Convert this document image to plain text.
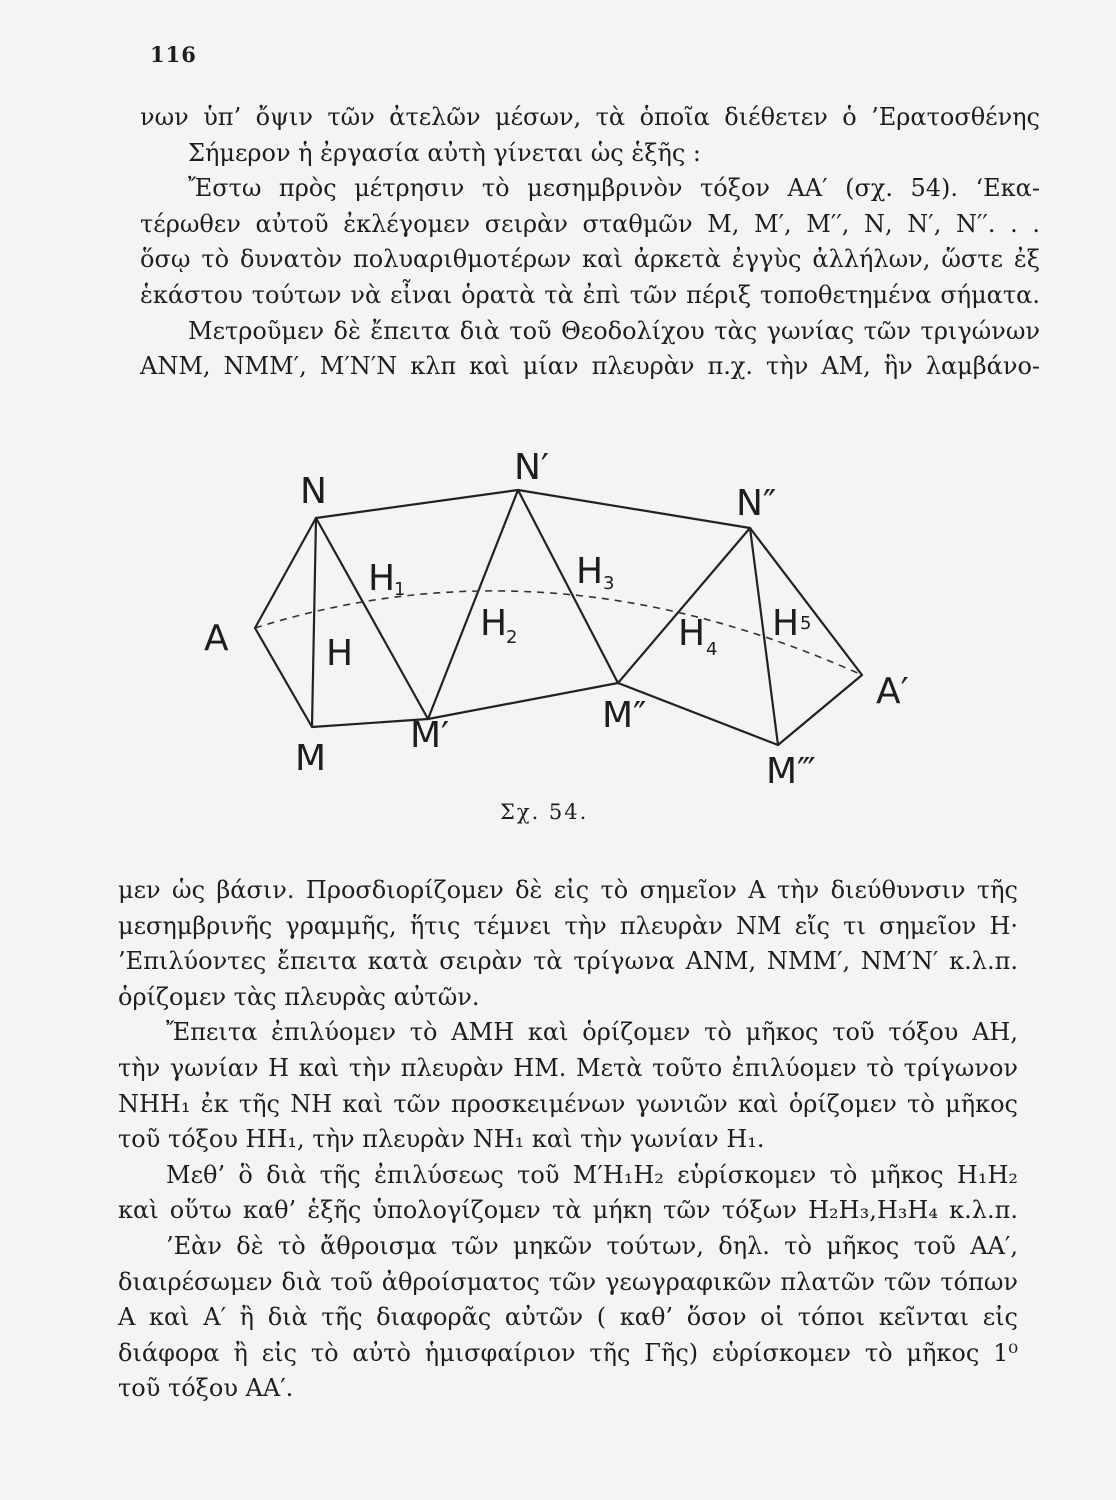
116

νων ὑπ’ ὄψιν τῶν ἀτελῶν μέσων, τὰ ὁποῖα διέθετεν ὁ ’Ερατοσθένης

Σήμερον ἡ ἐργασία αὐτὴ γίνεται ὡς ἑξῆς :

Ἔστω πρὸς μέτρησιν τὸ μεσημβρινὸν τόξον ΑΑ′ (σχ. 54). ‘Εκα-

τέρωθεν αὐτοῦ ἐκλέγομεν σειρὰν σταθμῶν Μ, Μ′, Μ′′, Ν, Ν′, Ν′′. . .

ὅσῳ τὸ δυνατὸν πολυαριθμοτέρων καὶ ἀρκετὰ ἐγγὺς ἀλλήλων, ὥστε ἐξ

ἑκάστου τούτων νὰ εἶναι ὁρατὰ τὰ ἐπὶ τῶν πέριξ τοποθετημένα σήματα.

Μετροῦμεν δὲ ἔπειτα διὰ τοῦ Θεοδολίχου τὰς γωνίας τῶν τριγώνων

ΑΝΜ, ΝΜΜ′, Μ′Ν′Ν κλπ καὶ μίαν πλευρὰν π.χ. τὴν ΑΜ, ἣν λαμβάνο-

A
A′
N
N′
N″
M
M′	M″
M‴
H
H
1
H
2
H 3
H 4
H 5
Σχ. 54.

μεν ὡς βάσιν. Προσδιορίζομεν δὲ εἰς τὸ σημεῖον Α τὴν διεύθυνσιν τῆς

μεσημβρινῆς γραμμῆς, ἥτις τέμνει τὴν πλευρὰν ΝΜ εἴς τι σημεῖον Η·

’Επιλύοντες ἔπειτα κατὰ σειρὰν τὰ τρίγωνα ΑΝΜ, ΝΜΜ′, ΝΜ′Ν′ κ.λ.π.

ὁρίζομεν τὰς πλευρὰς αὐτῶν.

Ἔπειτα ἐπιλύομεν τὸ ΑΜΗ καὶ ὁρίζομεν τὸ μῆκος τοῦ τόξου ΑΗ,

τὴν γωνίαν Η καὶ τὴν πλευρὰν ΗΜ. Μετὰ τοῦτο ἐπιλύομεν τὸ τρίγωνον

ΝΗΗ₁ ἐκ τῆς ΝΗ καὶ τῶν προσκειμένων γωνιῶν καὶ ὁρίζομεν τὸ μῆκος

τοῦ τόξου ΗΗ₁, τὴν πλευρὰν ΝΗ₁ καὶ τὴν γωνίαν Η₁.

Μεθ’ ὃ διὰ τῆς ἐπιλύσεως τοῦ Μ′Η₁Η₂ εὑρίσκομεν τὸ μῆκος Η₁Η₂

καὶ οὕτω καθ’ ἑξῆς ὑπολογίζομεν τὰ μήκη τῶν τόξων Η₂Η₃,Η₃Η₄ κ.λ.π.

’Εὰν δὲ τὸ ἄθροισμα τῶν μηκῶν τούτων, δηλ. τὸ μῆκος τοῦ ΑΑ′,

διαιρέσωμεν διὰ τοῦ ἀθροίσματος τῶν γεωγραφικῶν πλατῶν τῶν τόπων

Α καὶ Α′ ἢ διὰ τῆς διαφορᾶς αὐτῶν ( καθ’ ὅσον οἱ τόποι κεῖνται εἰς

διάφορα ἢ εἰς τὸ αὐτὸ ἡμισφαίριον τῆς Γῆς) εὑρίσκομεν τὸ μῆκος 1⁰

τοῦ τόξου ΑΑ′.
